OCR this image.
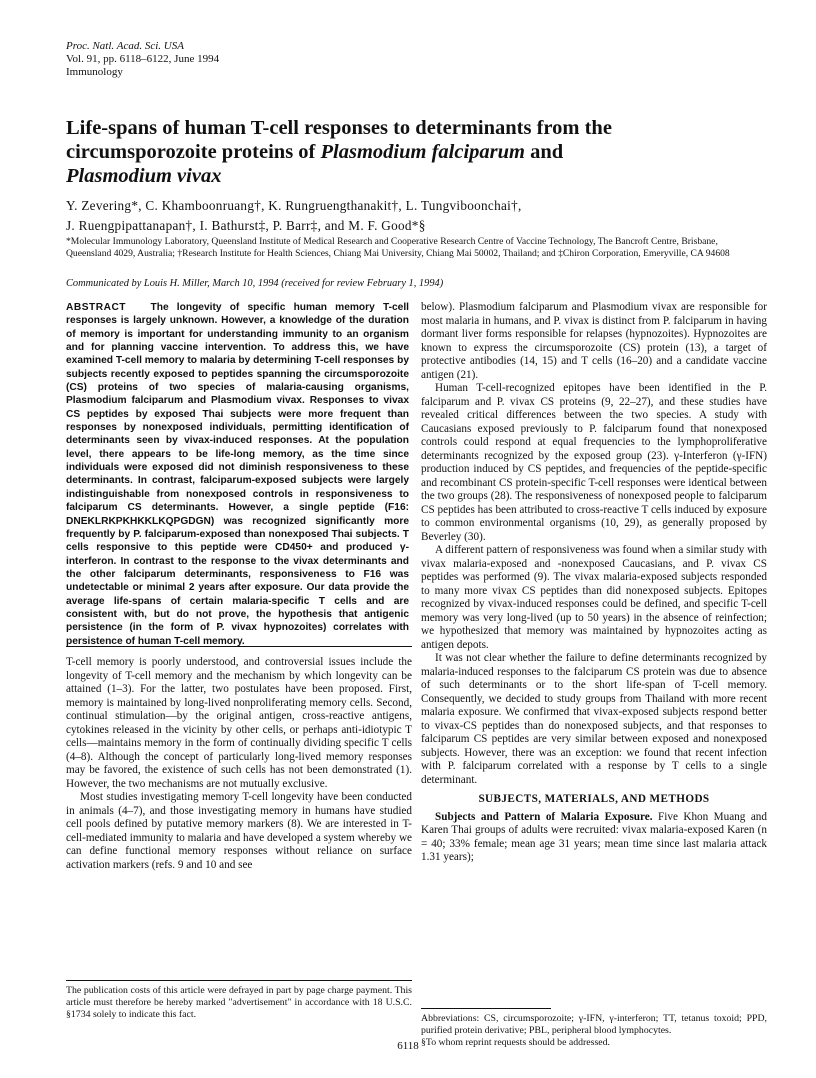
Proc. Natl. Acad. Sci. USA
Vol. 91, pp. 6118–6122, June 1994
Immunology
Life-spans of human T-cell responses to determinants from the circumsporozoite proteins of Plasmodium falciparum and
Plasmodium vivax
Y. Zevering*, C. Khamboonruang†, K. Rungruengthanakit†, L. Tungviboonchai†,
J. Ruengpipattanapan†, I. Bathurst‡, P. Barr‡, and M. F. Good*§
*Molecular Immunology Laboratory, Queensland Institute of Medical Research and Cooperative Research Centre of Vaccine Technology, The Bancroft Centre, Brisbane, Queensland 4029, Australia; †Research Institute for Health Sciences, Chiang Mai University, Chiang Mai 50002, Thailand; and ‡Chiron Corporation, Emeryville, CA 94608
Communicated by Louis H. Miller, March 10, 1994 (received for review February 1, 1994)
ABSTRACT The longevity of specific human memory T-cell responses is largely unknown. However, a knowledge of the duration of memory is important for understanding immunity to an organism and for planning vaccine intervention. To address this, we have examined T-cell memory to malaria by determining T-cell responses by subjects recently exposed to peptides spanning the circumsporozoite (CS) proteins of two species of malaria-causing organisms, Plasmodium falciparum and Plasmodium vivax. Responses to vivax CS peptides by exposed Thai subjects were more frequent than responses by nonexposed individuals, permitting identification of determinants seen by vivax-induced responses. At the population level, there appears to be life-long memory, as the time since individuals were exposed did not diminish responsiveness to these determinants. In contrast, falciparum-exposed subjects were largely indistinguishable from nonexposed controls in responsiveness to falciparum CS determinants. However, a single peptide (F16: DNEKLRKPKHKKLKQPGDGN) was recognized significantly more frequently by P. falciparum-exposed than nonexposed Thai subjects. T cells responsive to this peptide were CD450+ and produced γ-interferon. In contrast to the response to the vivax determinants and the other falciparum determinants, responsiveness to F16 was undetectable or minimal 2 years after exposure. Our data provide the average life-spans of certain malaria-specific T cells and are consistent with, but do not prove, the hypothesis that antigenic persistence (in the form of P. vivax hypnozoites) correlates with persistence of human T-cell memory.

T-cell memory is poorly understood, and controversial issues include the longevity of T-cell memory and the mechanism by which longevity can be attained (1–3). For the latter, two postulates have been proposed. First, memory is maintained by long-lived nonproliferating memory cells. Second, continual stimulation—by the original antigen, cross-reactive antigens, cytokines released in the vicinity by other cells, or perhaps anti-idiotypic T cells—maintains memory in the form of continually dividing specific T cells (4–8). Although the concept of particularly long-lived memory responses may be favored, the existence of such cells has not been demonstrated (1). However, the two mechanisms are not mutually exclusive.

Most studies investigating memory T-cell longevity have been conducted in animals (4–7), and those investigating memory in humans have studied cell pools defined by putative memory markers (8). We are interested in T-cell-mediated immunity to malaria and have developed a system whereby we can define functional memory responses without reliance on surface activation markers (refs. 9 and 10 and see

below). Plasmodium falciparum and Plasmodium vivax are responsible for most malaria in humans, and P. vivax is distinct from P. falciparum in having dormant liver forms responsible for relapses (hypnozoites). Hypnozoites are known to express the circumsporozoite (CS) protein (13), a target of protective antibodies (14, 15) and T cells (16–20) and a candidate vaccine antigen (21).

Human T-cell-recognized epitopes have been identified in the P. falciparum and P. vivax CS proteins (9, 22–27), and these studies have revealed critical differences between the two species. A study with Caucasians exposed previously to P. falciparum found that nonexposed controls could respond at equal frequencies to the lymphoproliferative determinants recognized by the exposed group (23). γ-Interferon (γ-IFN) production induced by CS peptides, and frequencies of the peptide-specific and recombinant CS protein-specific T-cell responses were identical between the two groups (28). The responsiveness of nonexposed people to falciparum CS peptides has been attributed to cross-reactive T cells induced by exposure to common environmental organisms (10, 29), as generally proposed by Beverley (30).

A different pattern of responsiveness was found when a similar study with vivax malaria-exposed and -nonexposed Caucasians, and P. vivax CS peptides was performed (9). The vivax malaria-exposed subjects responded to many more vivax CS peptides than did nonexposed subjects. Epitopes recognized by vivax-induced responses could be defined, and specific T-cell memory was very long-lived (up to 50 years) in the absence of reinfection; we hypothesized that memory was maintained by hypnozoites acting as antigen depots.

It was not clear whether the failure to define determinants recognized by malaria-induced responses to the falciparum CS protein was due to absence of such determinants or to the short life-span of T-cell memory. Consequently, we decided to study groups from Thailand with more recent malaria exposure. We confirmed that vivax-exposed subjects respond better to vivax-CS peptides than do nonexposed subjects, and that responses to falciparum CS peptides are very similar between exposed and nonexposed subjects. However, there was an exception: we found that recent infection with P. falciparum correlated with a response by T cells to a single determinant.

SUBJECTS, MATERIALS, AND METHODS

Subjects and Pattern of Malaria Exposure. Five Khon Muang and Karen Thai groups of adults were recruited: vivax malaria-exposed Karen (n = 40; 33% female; mean age 31 years; mean time since last malaria attack 1.31 years);

The publication costs of this article were defrayed in part by page charge payment. This article must therefore be hereby marked "advertisement" in accordance with 18 U.S.C. §1734 solely to indicate this fact.	Abbreviations: CS, circumsporozoite; γ-IFN, γ-interferon; TT, tetanus toxoid; PPD, purified protein derivative; PBL, peripheral blood lymphocytes.
§To whom reprint requests should be addressed.
6118
